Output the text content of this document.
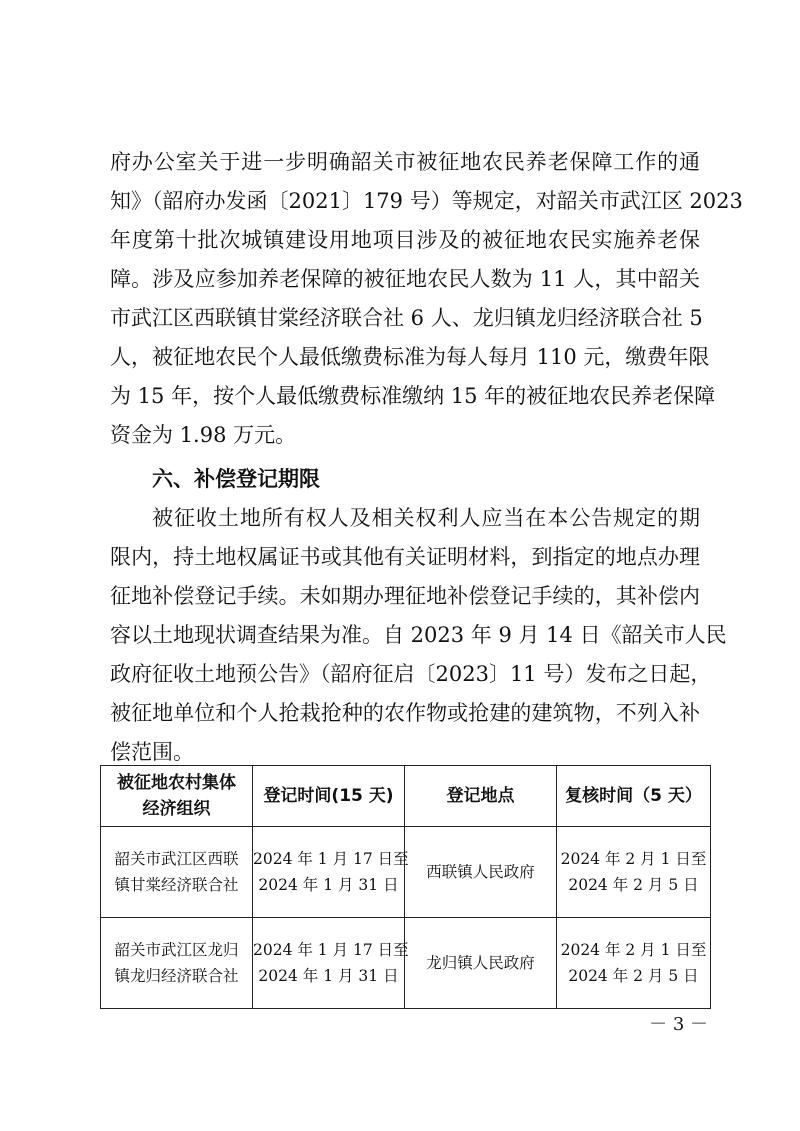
府办公室关于进一步明确韶关市被征地农民养老保障工作的通
知》（韶府办发函〔2021〕179 号）等规定，对韶关市武江区 2023
年度第十批次城镇建设用地项目涉及的被征地农民实施养老保
障。涉及应参加养老保障的被征地农民人数为 11 人，其中韶关
市武江区西联镇甘棠经济联合社 6 人、龙归镇龙归经济联合社 5
人，被征地农民个人最低缴费标准为每人每月 110 元，缴费年限
为 15 年，按个人最低缴费标准缴纳 15 年的被征地农民养老保障
资金为 1.98 万元。
六、补偿登记期限
被征收土地所有权人及相关权利人应当在本公告规定的期
限内，持土地权属证书或其他有关证明材料，到指定的地点办理
征地补偿登记手续。未如期办理征地补偿登记手续的，其补偿内
容以土地现状调查结果为准。自 2023 年 9 月 14 日《韶关市人民
政府征收土地预公告》（韶府征启〔2023〕11 号）发布之日起，
被征地单位和个人抢栽抢种的农作物或抢建的建筑物，不列入补
偿范围。
被征地农村集体
经济组织	登记时间(15 天)	登记地点	复核时间（5 天）

韶关市武江区西联
镇甘棠经济联合社	2024 年 1 月 17 日至
2024 年 1 月 31 日	西联镇人民政府	2024 年 2 月 1 日至
2024 年 2 月 5 日

韶关市武江区龙归
镇龙归经济联合社	2024 年 1 月 17 日至
2024 年 1 月 31 日	龙归镇人民政府	2024 年 2 月 1 日至
2024 年 2 月 5 日
－ 3 －
